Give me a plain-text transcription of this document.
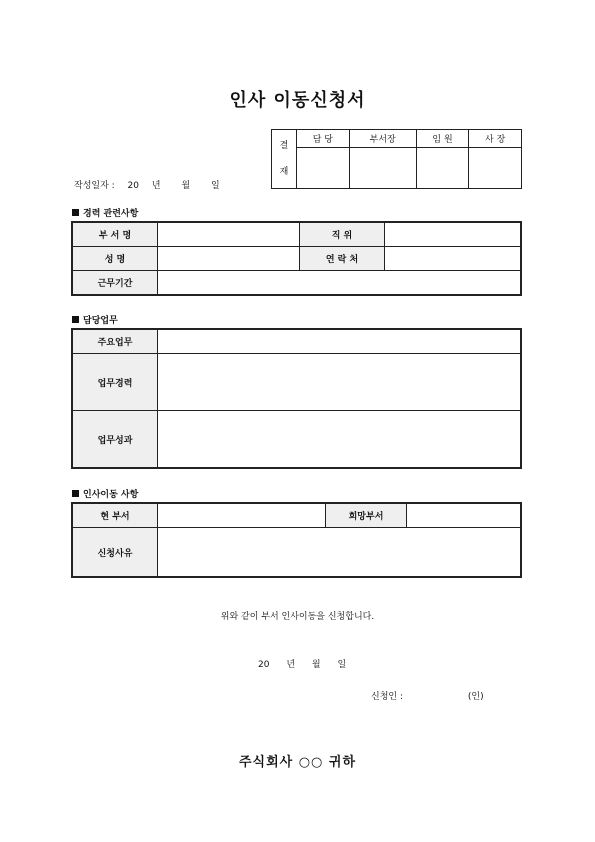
인사 이동신청서
작성일자 : 20 년 월 일
결
재	담 당	부서장	임 원	사 장

경력 관련사항
부 서 명		직 위	
성 명		연 락 처	
근무기간			
담당업무
주요업무	
업무경력	
업무성과	
인사이동 사항
현 부서		희망부서	
신청사유			
위와 같이 부서 인사이동을 신청합니다.
20 년 월 일
신청인 :	(인)
주식회사 ○○ 귀하
